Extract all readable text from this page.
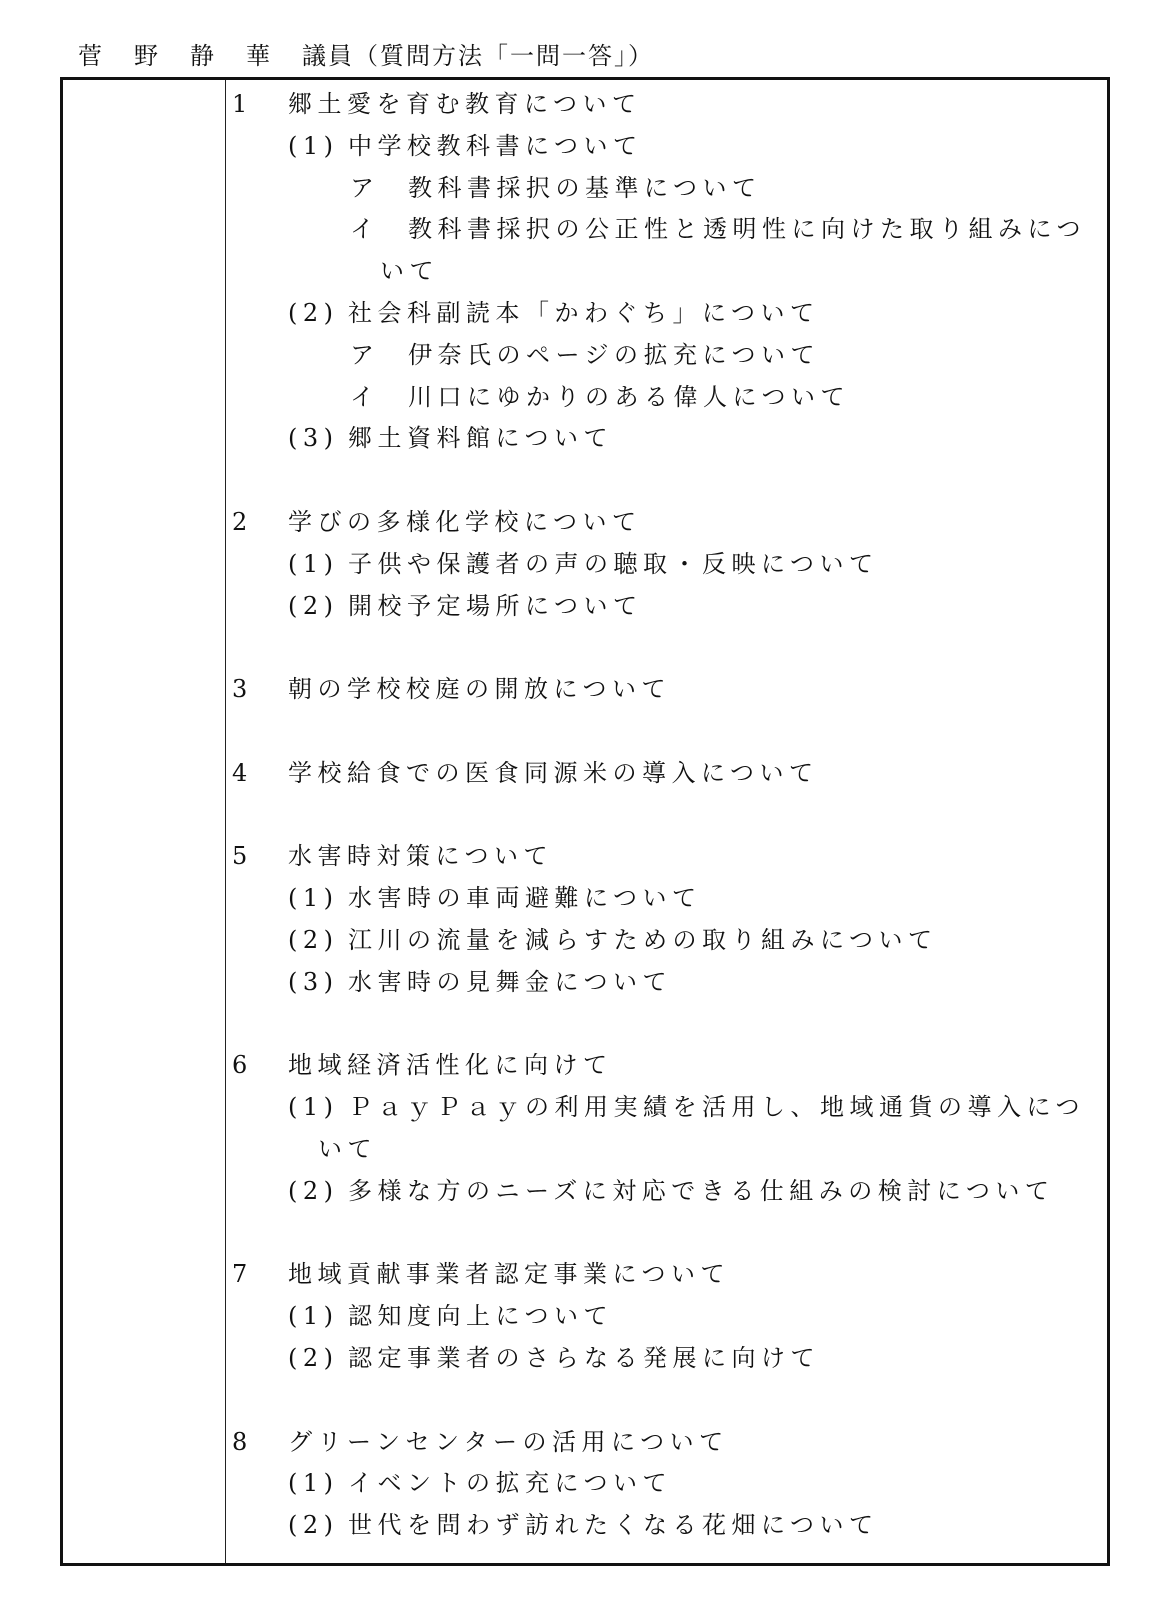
菅 野 静 華 議員（質問方法「一問一答」）
1 郷土愛を育む教育について
(1) 中学校教科書について
ア 教科書採択の基準について
イ 教科書採択の公正性と透明性に向けた取り組みにつ
いて
(2) 社会科副読本「かわぐち」について
ア 伊奈氏のページの拡充について
イ 川口にゆかりのある偉人について
(3) 郷土資料館について
2 学びの多様化学校について
(1) 子供や保護者の声の聴取・反映について
(2) 開校予定場所について
3 朝の学校校庭の開放について
4 学校給食での医食同源米の導入について
5 水害時対策について
(1) 水害時の車両避難について
(2) 江川の流量を減らすための取り組みについて
(3) 水害時の見舞金について
6 地域経済活性化に向けて
(1) ＰａｙＰａｙの利用実績を活用し、地域通貨の導入につ
いて
(2) 多様な方のニーズに対応できる仕組みの検討について
7 地域貢献事業者認定事業について
(1) 認知度向上について
(2) 認定事業者のさらなる発展に向けて
8 グリーンセンターの活用について
(1) イベントの拡充について
(2) 世代を問わず訪れたくなる花畑について
